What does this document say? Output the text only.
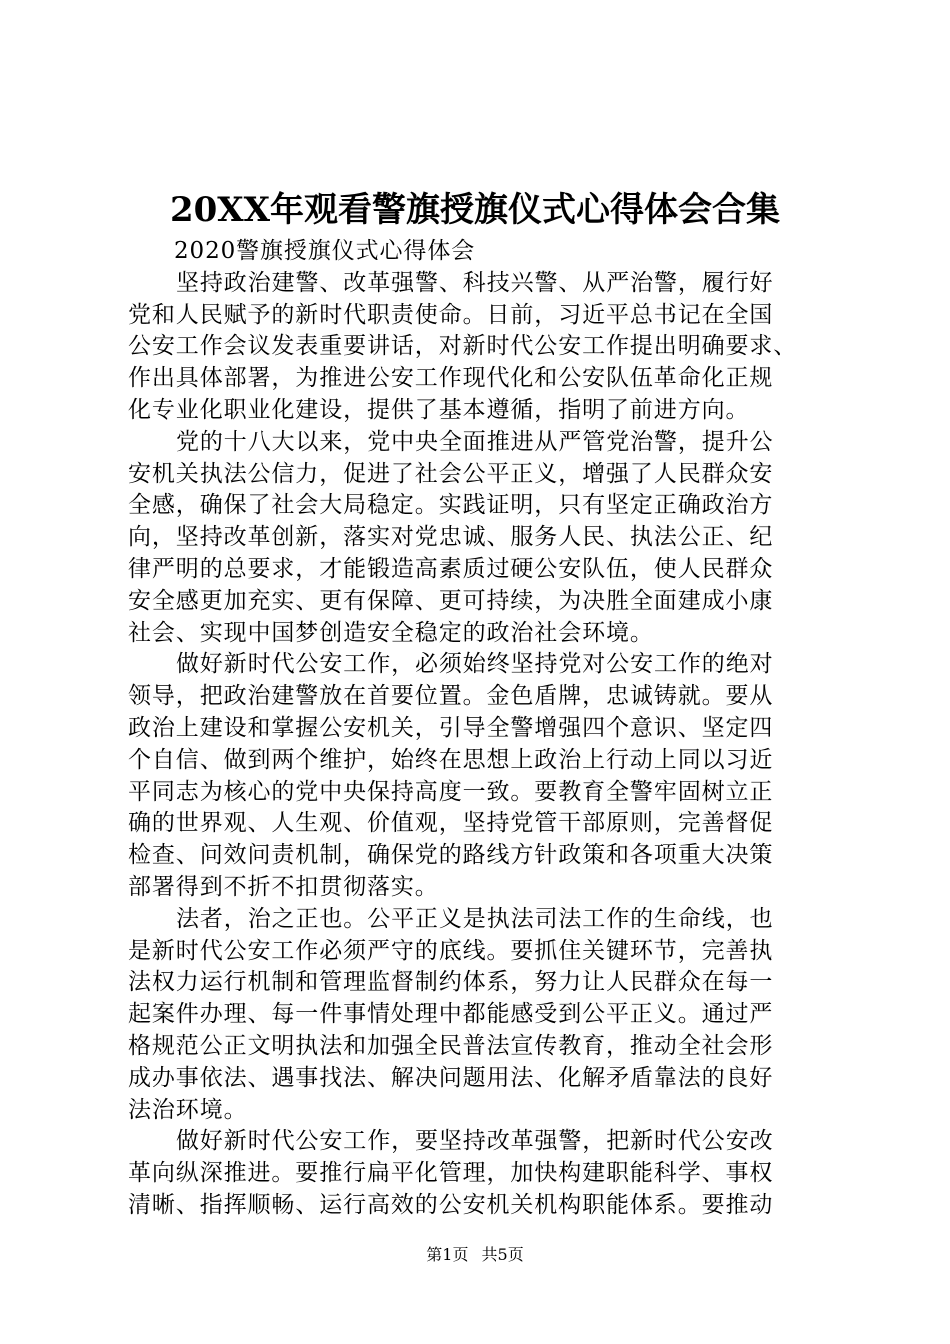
20XX年观看警旗授旗仪式心得体会合集
2020警旗授旗仪式心得体会
坚持政治建警、改革强警、科技兴警、从严治警，履行好
党和人民赋予的新时代职责使命。日前，习近平总书记在全国
公安工作会议发表重要讲话，对新时代公安工作提出明确要求、
作出具体部署，为推进公安工作现代化和公安队伍革命化正规
化专业化职业化建设，提供了基本遵循，指明了前进方向。
党的十八大以来，党中央全面推进从严管党治警，提升公
安机关执法公信力，促进了社会公平正义，增强了人民群众安
全感，确保了社会大局稳定。实践证明，只有坚定正确政治方
向，坚持改革创新，落实对党忠诚、服务人民、执法公正、纪
律严明的总要求，才能锻造高素质过硬公安队伍，使人民群众
安全感更加充实、更有保障、更可持续，为决胜全面建成小康
社会、实现中国梦创造安全稳定的政治社会环境。
做好新时代公安工作，必须始终坚持党对公安工作的绝对
领导，把政治建警放在首要位置。金色盾牌，忠诚铸就。要从
政治上建设和掌握公安机关，引导全警增强四个意识、坚定四
个自信、做到两个维护，始终在思想上政治上行动上同以习近
平同志为核心的党中央保持高度一致。要教育全警牢固树立正
确的世界观、人生观、价值观，坚持党管干部原则，完善督促
检查、问效问责机制，确保党的路线方针政策和各项重大决策
部署得到不折不扣贯彻落实。
法者，治之正也。公平正义是执法司法工作的生命线，也
是新时代公安工作必须严守的底线。要抓住关键环节，完善执
法权力运行机制和管理监督制约体系，努力让人民群众在每一
起案件办理、每一件事情处理中都能感受到公平正义。通过严
格规范公正文明执法和加强全民普法宣传教育，推动全社会形
成办事依法、遇事找法、解决问题用法、化解矛盾靠法的良好
法治环境。
做好新时代公安工作，要坚持改革强警，把新时代公安改
革向纵深推进。要推行扁平化管理，加快构建职能科学、事权
清晰、指挥顺畅、运行高效的公安机关机构职能体系。要推动
第1页 共5页
